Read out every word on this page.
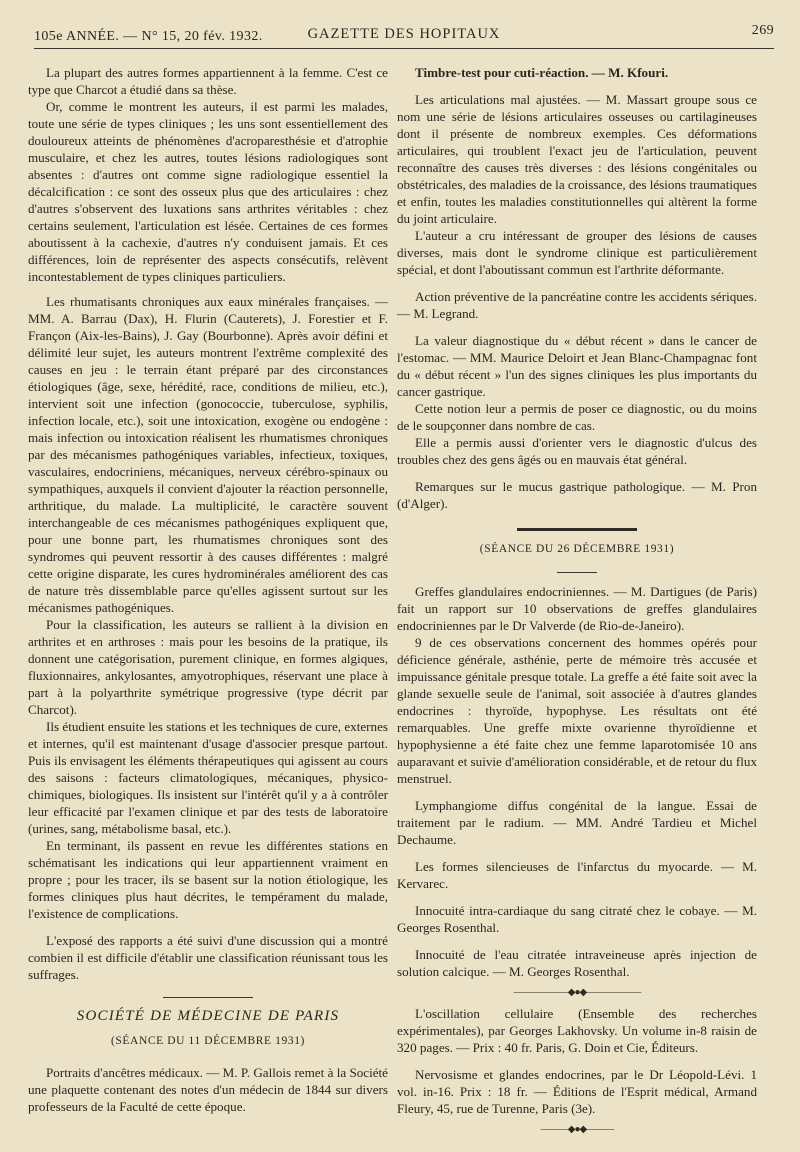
105e ANNÉE. — N° 15, 20 fév. 1932.	GAZETTE DES HOPITAUX	269

La plupart des autres formes appartiennent à la femme. C'est ce type que Charcot a étudié dans sa thèse.

Or, comme le montrent les auteurs, il est parmi les malades, toute une série de types cliniques ; les uns sont essentiellement des douloureux atteints de phénomènes d'acroparesthésie et d'atrophie musculaire, et chez les autres, toutes lésions radiologiques sont absentes : d'autres ont comme signe radiologique essentiel la décalcification : ce sont des osseux plus que des articulaires : chez d'autres s'observent des luxations sans arthrites véritables : chez certains seulement, l'articulation est lésée. Certaines de ces formes aboutissent à la cachexie, d'autres n'y conduisent jamais. Et ces différences, loin de représenter des aspects consécutifs, relèvent incontestablement de types cliniques particuliers.

Les rhumatisants chroniques aux eaux minérales françaises. — MM. A. Barrau (Dax), H. Flurin (Cauterets), J. Forestier et F. Françon (Aix-les-Bains), J. Gay (Bourbonne). Après avoir défini et délimité leur sujet, les auteurs montrent l'extrême complexité des causes en jeu : le terrain étant préparé par des circonstances étiologiques (âge, sexe, hérédité, race, conditions de milieu, etc.), intervient soit une infection (gonococcie, tuberculose, syphilis, infection locale, etc.), soit une intoxication, exogène ou endogène : mais infection ou intoxication réalisent les rhumatismes chroniques par des mécanismes pathogéniques variables, infectieux, toxiques, vasculaires, endocriniens, mécaniques, nerveux cérébro-spinaux ou sympathiques, auxquels il convient d'ajouter la réaction personnelle, arthritique, du malade. La multiplicité, le caractère souvent interchangeable de ces mécanismes pathogéniques expliquent que, pour une bonne part, les rhumatismes chroniques sont des syndromes qui peuvent ressortir à des causes différentes : malgré cette origine disparate, les cures hydrominérales améliorent des cas de nature très dissemblable parce qu'elles agissent surtout sur les mécanismes pathogéniques.

Pour la classification, les auteurs se rallient à la division en arthrites et en arthroses : mais pour les besoins de la pratique, ils donnent une catégorisation, purement clinique, en formes algiques, fluxionnaires, ankylosantes, amyotrophiques, réservant une place à part à la polyarthrite symétrique progressive (type décrit par Charcot).

Ils étudient ensuite les stations et les techniques de cure, externes et internes, qu'il est maintenant d'usage d'associer presque partout. Puis ils envisagent les éléments thérapeutiques qui agissent au cours des saisons : facteurs climatologiques, mécaniques, physico-chimiques, biologiques. Ils insistent sur l'intérêt qu'il y a à contrôler leur efficacité par l'examen clinique et par des tests de laboratoire (urines, sang, métabolisme basal, etc.).

En terminant, ils passent en revue les différentes stations en schématisant les indications qui leur appartiennent vraiment en propre ; pour les tracer, ils se basent sur la notion étiologique, les formes cliniques plus haut décrites, le tempérament du malade, l'existence de complications.

L'exposé des rapports a été suivi d'une discussion qui a montré combien il est difficile d'établir une classification réunissant tous les suffrages.

SOCIÉTÉ DE MÉDECINE DE PARIS
(SÉANCE DU 11 DÉCEMBRE 1931)

Portraits d'ancêtres médicaux. — M. P. Gallois remet à la Société une plaquette contenant des notes d'un médecin de 1844 sur divers professeurs de la Faculté de cette époque.

Timbre-test pour cuti-réaction. — M. Kfouri.

Les articulations mal ajustées. — M. Massart groupe sous ce nom une série de lésions articulaires osseuses ou cartilagineuses dont il présente de nombreux exemples. Ces déformations articulaires, qui troublent l'exact jeu de l'articulation, peuvent reconnaître des causes très diverses : des lésions congénitales ou obstétricales, des maladies de la croissance, des lésions traumatiques et enfin, toutes les maladies constitutionnelles qui altèrent la forme du joint articulaire.

L'auteur a cru intéressant de grouper des lésions de causes diverses, mais dont le syndrome clinique est particulièrement spécial, et dont l'aboutissant commun est l'arthrite déformante.

Action préventive de la pancréatine contre les accidents sériques. — M. Legrand.

La valeur diagnostique du « début récent » dans le cancer de l'estomac. — MM. Maurice Deloirt et Jean Blanc-Champagnac font du « début récent » l'un des signes cliniques les plus importants du cancer gastrique.

Cette notion leur a permis de poser ce diagnostic, ou du moins de le soupçonner dans nombre de cas.

Elle a permis aussi d'orienter vers le diagnostic d'ulcus des troubles chez des gens âgés ou en mauvais état général.

Remarques sur le mucus gastrique pathologique. — M. Pron (d'Alger).

(SÉANCE DU 26 DÉCEMBRE 1931)

Greffes glandulaires endocriniennes. — M. Dartigues (de Paris) fait un rapport sur 10 observations de greffes glandulaires endocriniennes par le Dr Valverde (de Rio-de-Janeiro).

9 de ces observations concernent des hommes opérés pour déficience générale, asthénie, perte de mémoire très accusée et impuissance génitale presque totale. La greffe a été faite soit avec la glande sexuelle seule de l'animal, soit associée à d'autres glandes endocrines : thyroïde, hypophyse. Les résultats ont été remarquables. Une greffe mixte ovarienne thyroïdienne et hypophysienne a été faite chez une femme laparotomisée 10 ans auparavant et suivie d'amélioration considérable, et de retour du flux menstruel.

Lymphangiome diffus congénital de la langue. Essai de traitement par le radium. — MM. André Tardieu et Michel Dechaume.

Les formes silencieuses de l'infarctus du myocarde. — M. Kervarec.

Innocuité intra-cardiaque du sang citraté chez le cobaye. — M. Georges Rosenthal.

Innocuité de l'eau citratée intraveineuse après injection de solution calcique. — M. Georges Rosenthal.

——————◆●◆——————

L'oscillation cellulaire (Ensemble des recherches expérimentales), par Georges Lakhovsky. Un volume in-8 raisin de 320 pages. — Prix : 40 fr. Paris, G. Doin et Cie, Éditeurs.

Nervosisme et glandes endocrines, par le Dr Léopold-Lévi. 1 vol. in-16. Prix : 18 fr. — Éditions de l'Esprit médical, Armand Fleury, 45, rue de Turenne, Paris (3e).

———◆●◆———
